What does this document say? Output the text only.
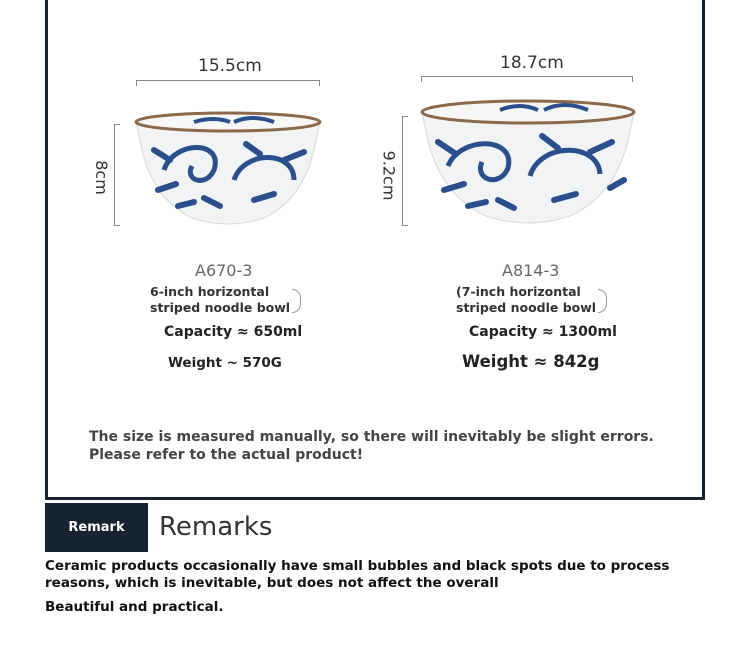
15.5cm
8cm
A670-3
6-inch horizontal
striped noodle bowl
Capacity ≈ 650ml
Weight ~ 570G
18.7cm
9.2cm
A814-3
(7-inch horizontal
striped noodle bowl
Capacity ≈ 1300ml
Weight ≈ 842g
The size is measured manually, so there will inevitably be slight errors. Please refer to the actual product!
Remark Remarks
Ceramic products occasionally have small bubbles and black spots due to process reasons, which is inevitable, but does not affect the overall
Beautiful and practical.
